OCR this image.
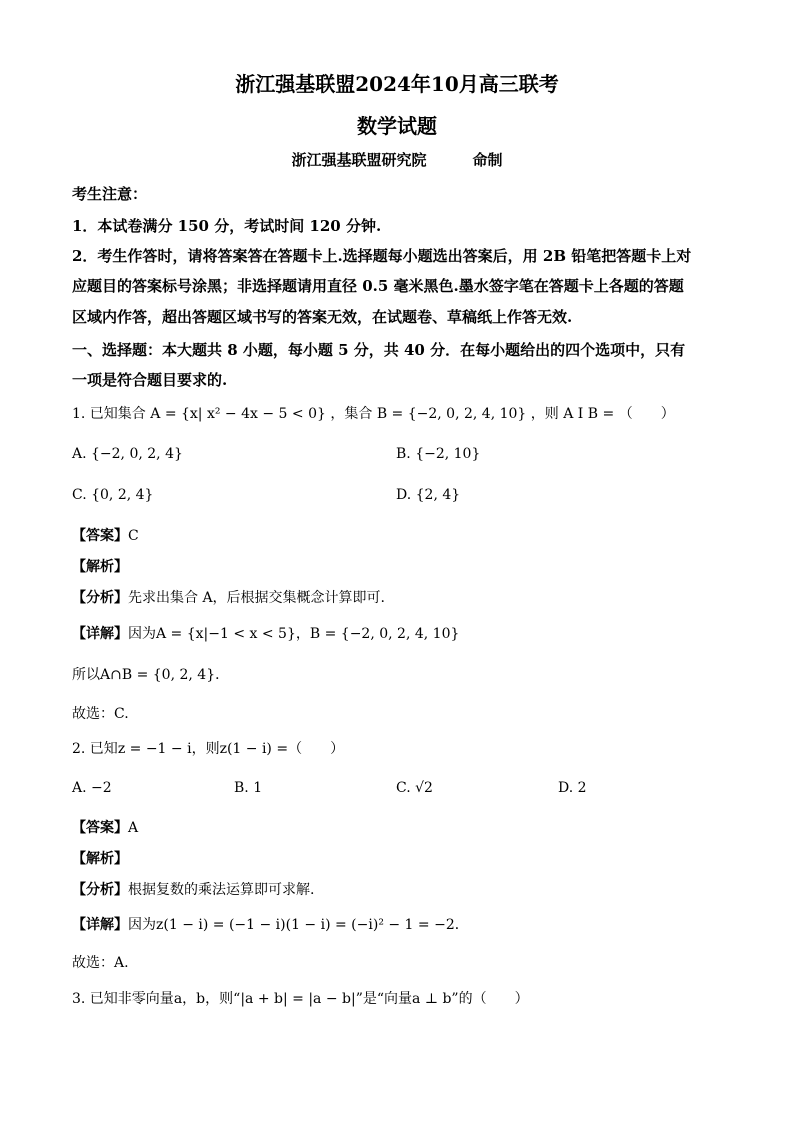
浙江强基联盟2024年10月高三联考
数学试题
浙江强基联盟研究院	命制
考生注意：
1．本试卷满分 150 分，考试时间 120 分钟.
2．考生作答时，请将答案答在答题卡上.选择题每小题选出答案后，用 2B 铅笔把答题卡上对
应题目的答案标号涂黑；非选择题请用直径 0.5 毫米黑色.墨水签字笔在答题卡上各题的答题
区域内作答，超出答题区域书写的答案无效，在试题卷、草稿纸上作答无效.
一、选择题：本大题共 8 小题，每小题 5 分，共 40 分．在每小题给出的四个选项中，只有
一项是符合题目要求的.
1. 已知集合 A = {x| x² − 4x − 5 < 0} ，集合 B = {−2, 0, 2, 4, 10} ，则 A I B = （　　）
A. {−2, 0, 2, 4}	B. {−2, 10}
C. {0, 2, 4}	D. {2, 4}
【答案】C
【解析】
【分析】先求出集合 A，后根据交集概念计算即可.
【详解】因为A = {x|−1 < x < 5}，B = {−2, 0, 2, 4, 10}
所以A∩B = {0, 2, 4}．
故选：C.
2. 已知z = −1 − i，则z(1 − i) =（　　）
A. −2	B. 1	C. √2	D. 2
【答案】A
【解析】
【分析】根据复数的乘法运算即可求解.
【详解】因为z(1 − i) = (−1 − i)(1 − i) = (−i)² − 1 = −2．
故选：A.
3. 已知非零向量a，b，则“|a + b| = |a − b|”是“向量a ⊥ b”的（　　）
